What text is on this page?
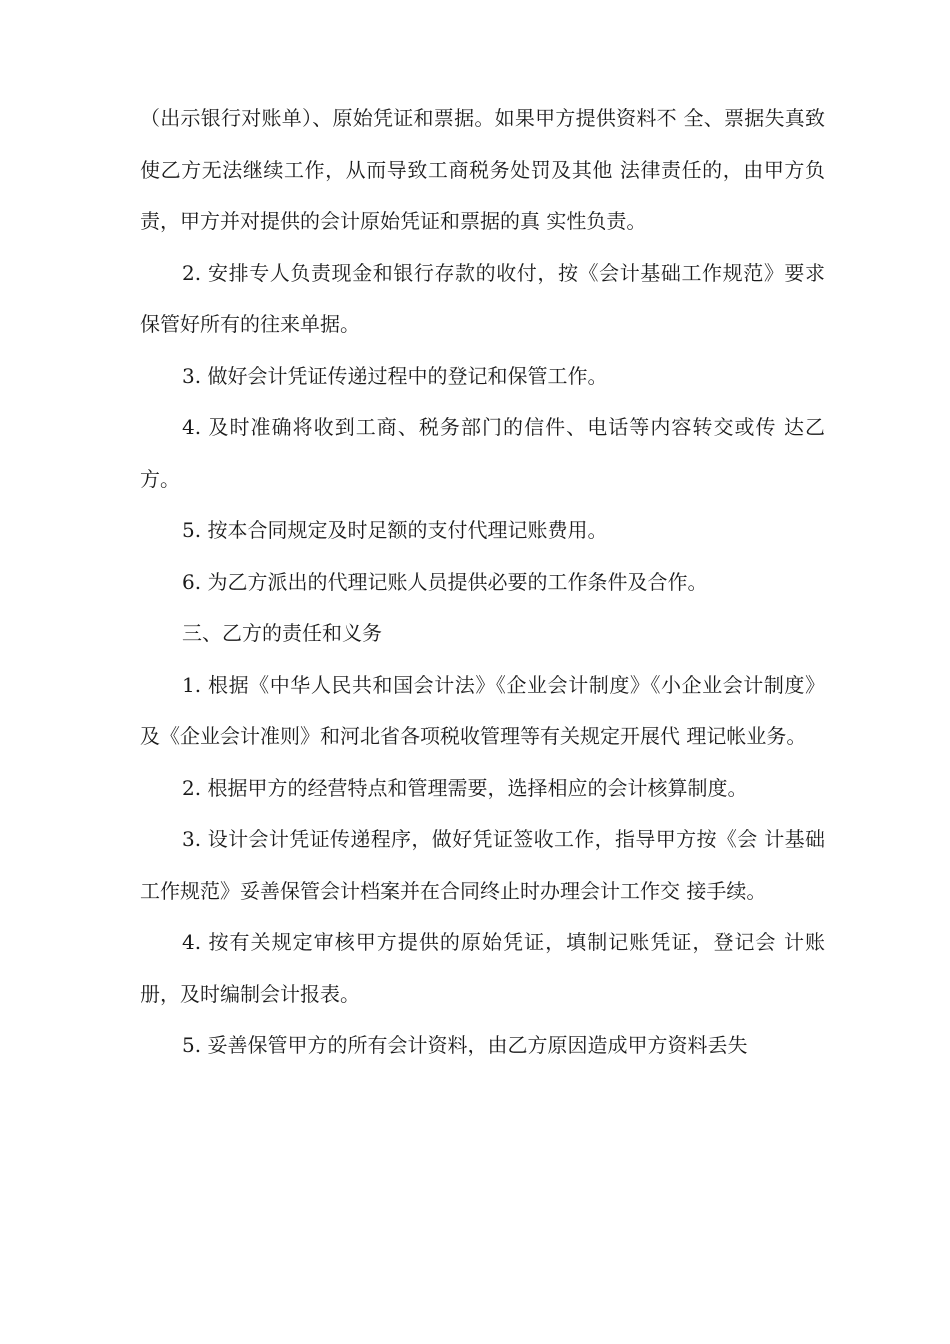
（出示银行对账单）、原始凭证和票据。如果甲方提供资料不 全、票据失真致使乙方无法继续工作，从而导致工商税务处罚及其他 法律责任的，由甲方负责，甲方并对提供的会计原始凭证和票据的真 实性负责。

2. 安排专人负责现金和银行存款的收付，按《会计基础工作规范》要求保管好所有的往来单据。

3. 做好会计凭证传递过程中的登记和保管工作。

4. 及时准确将收到工商、税务部门的信件、电话等内容转交或传 达乙方。

5. 按本合同规定及时足额的支付代理记账费用。

6. 为乙方派出的代理记账人员提供必要的工作条件及合作。

三、乙方的责任和义务

1. 根据《中华人民共和国会计法》《企业会计制度》《小企业会计制度》及《企业会计准则》和河北省各项税收管理等有关规定开展代 理记帐业务。

2. 根据甲方的经营特点和管理需要，选择相应的会计核算制度。

3. 设计会计凭证传递程序，做好凭证签收工作，指导甲方按《会 计基础工作规范》妥善保管会计档案并在合同终止时办理会计工作交 接手续。

4. 按有关规定审核甲方提供的原始凭证，填制记账凭证，登记会 计账册，及时编制会计报表。

5. 妥善保管甲方的所有会计资料，由乙方原因造成甲方资料丢失
